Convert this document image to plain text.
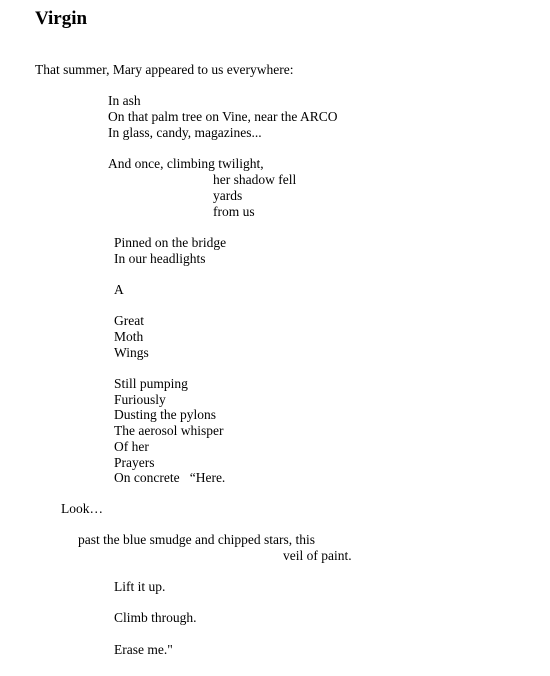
Virgin

That summer, Mary appeared to us everywhere:

In ash

On that palm tree on Vine, near the ARCO

In glass, candy, magazines...

And once, climbing twilight,

her shadow fell

yards

from us

Pinned on the bridge

In our headlights

A

Great

Moth

Wings

Still pumping

Furiously

Dusting the pylons

The aerosol whisper

Of her

Prayers

On concrete   “Here.

Look…

past the blue smudge and chipped stars, this

veil of paint.

Lift it up.

Climb through.

Erase me."
